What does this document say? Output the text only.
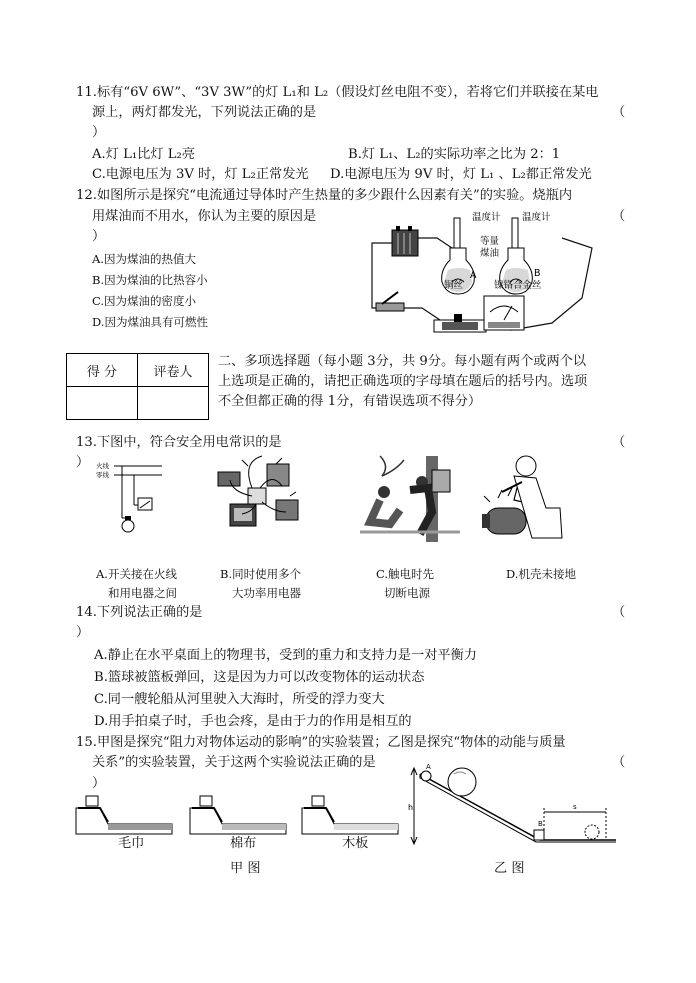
11.标有“6V 6W”、“3V 3W”的灯 L₁和 L₂（假设灯丝电阻不变），若将它们并联接在某电
源上，两灯都发光，下列说法正确的是	（
）
A.灯 L₁比灯 L₂亮	B.灯 L₁、L₂的实际功率之比为 2：1
C.电源电压为 3V 时，灯 L₂正常发光 D.电源电压为 9V 时，灯 L₁ 、L₂都正常发光
12.如图所示是探究“电流通过导体时产生热量的多少跟什么因素有关”的实验。烧瓶内
用煤油而不用水，你认为主要的原因是	（
）
A.因为煤油的热值大
B.因为煤油的比热容小
C.因为煤油的密度小
D.因为煤油具有可燃性
温度计 温度计
等量
煤油
A	B
铜丝	镍铬合金丝
得 分	评卷人

二、多项选择题（每小题 3分，共 9分。每小题有两个或两个以
上选项是正确的，请把正确选项的字母填在题后的括号内。选项
不全但都正确的得 1分，有错误选项不得分）
13.下图中，符合安全用电常识的是	（
） 火线
零线
A.开关接在火线
和用电器之间
B.同时使用多个
大功率用电器
C.触电时先
切断电源
D.机壳未接地
14.下列说法正确的是	（
）
A.静止在水平桌面上的物理书，受到的重力和支持力是一对平衡力
B.篮球被篮板弹回，这是因为力可以改变物体的运动状态
C.同一艘轮船从河里驶入大海时，所受的浮力变大
D.用手拍桌子时，手也会疼，是由于力的作用是相互的
15.甲图是探究“阻力对物体运动的影响”的实验装置；乙图是探究“物体的动能与质量
关系”的实验装置，关于这两个实验说法正确的是	（
）
毛巾	棉布	木板
甲 图
h
A
B
s
乙 图
